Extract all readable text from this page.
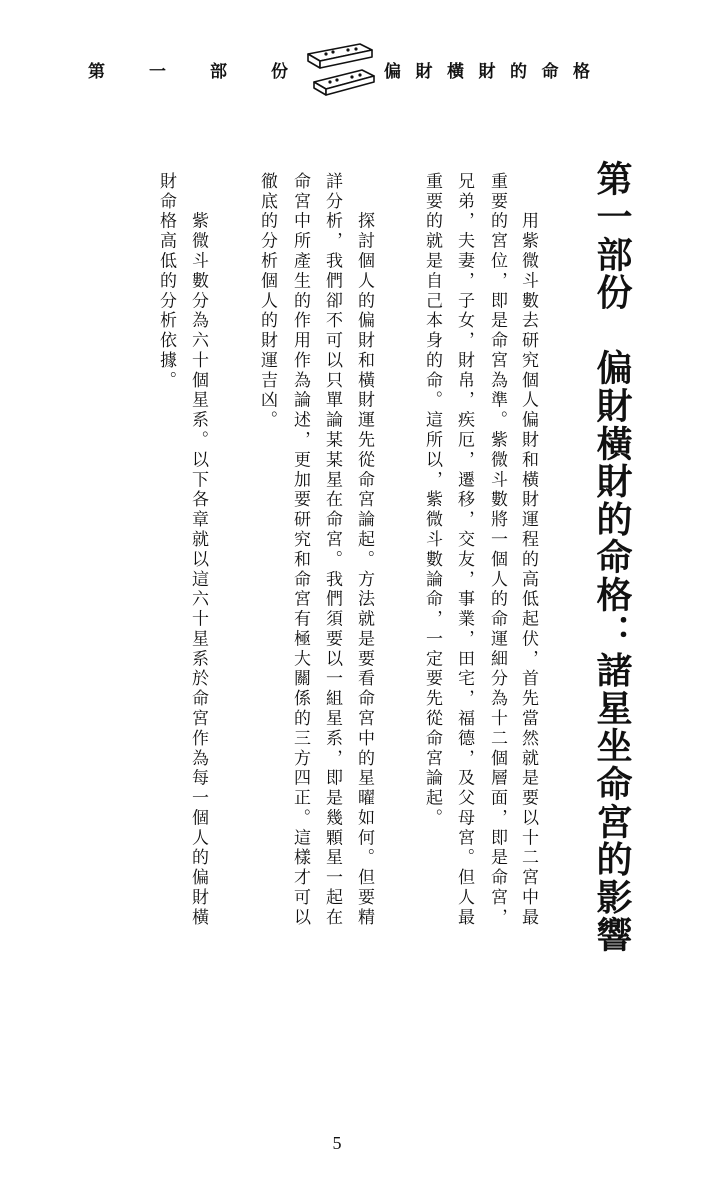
第	一	部	份	偏 財 橫 財 的 命 格
第一部份　偏財橫財的命格：諸星坐命宮的影響
　　用紫微斗數去研究個人偏財和橫財運程的高低起伏，首先當然就是要以十二宮中最
重要的宮位，即是命宮為準。紫微斗數將一個人的命運細分為十二個層面，即是命宮，
兄弟，夫妻，子女，財帛，疾厄，遷移，交友，事業，田宅，福德，及父母宮。但人最
重要的就是自己本身的命。這所以，紫微斗數論命，一定要先從命宮論起。
　　探討個人的偏財和橫財運先從命宮論起。方法就是要看命宮中的星曜如何。但要精
詳分析，我們卻不可以只單論某某星在命宮。我們須要以一組星系，即是幾顆星一起在
命宮中所產生的作用作為論述，更加要研究和命宮有極大關係的三方四正。這樣才可以
徹底的分析個人的財運吉凶。
　　紫微斗數分為六十個星系。以下各章就以這六十星系於命宮作為每一個人的偏財橫
財命格高低的分析依據。
5
